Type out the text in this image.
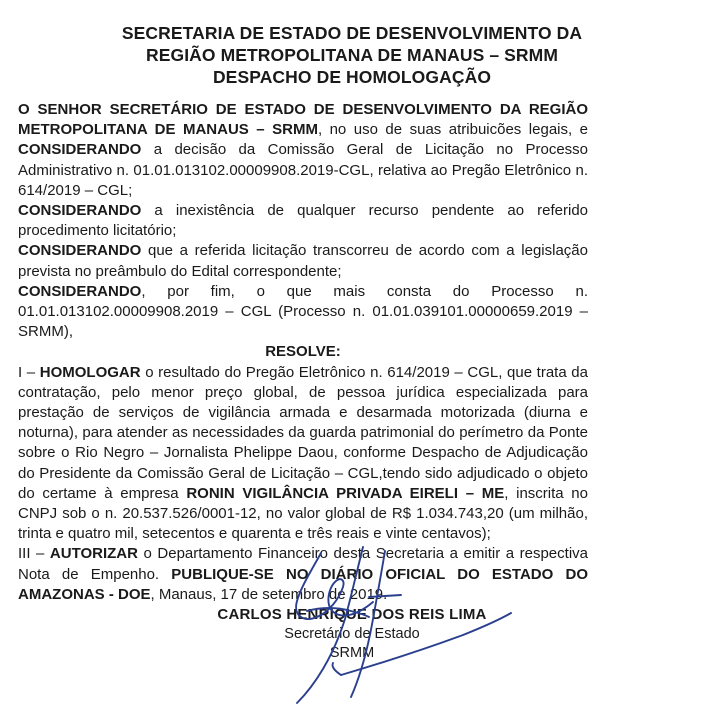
SECRETARIA DE ESTADO DE DESENVOLVIMENTO DA
REGIÃO METROPOLITANA DE MANAUS – SRMM
DESPACHO DE HOMOLOGAÇÃO

O SENHOR SECRETÁRIO DE ESTADO DE DESENVOLVIMENTO DA REGIÃO METROPOLITANA DE MANAUS – SRMM, no uso de suas atribuicões legais, e CONSIDERANDO a decisão da Comissão Geral de Licitação no Processo Administrativo n. 01.01.013102.00009908.2019-CGL, relativa ao Pregão Eletrônico n. 614/2019 – CGL;

CONSIDERANDO a inexistência de qualquer recurso pendente ao referido procedimento licitatório;

CONSIDERANDO que a referida licitação transcorreu de acordo com a legislação prevista no preâmbulo do Edital correspondente;

CONSIDERANDO, por fim, o que mais consta do Processo n. 01.01.013102.00009908.2019 – CGL (Processo n. 01.01.039101.00000659.2019 – SRMM),

RESOLVE:

I – HOMOLOGAR o resultado do Pregão Eletrônico n. 614/2019 – CGL, que trata da contratação, pelo menor preço global, de pessoa jurídica especializada para prestação de serviços de vigilância armada e desarmada motorizada (diurna e noturna), para atender as necessidades da guarda patrimonial do perímetro da Ponte sobre o Rio Negro – Jornalista Phelippe Daou, conforme Despacho de Adjudicação do Presidente da Comissão Geral de Licitação – CGL,tendo sido adjudicado o objeto do certame à empresa RONIN VIGILÂNCIA PRIVADA EIRELI – ME, inscrita no CNPJ sob o n. 20.537.526/0001-12, no valor global de R$ 1.034.743,20 (um milhão, trinta e quatro mil, setecentos e quarenta e três reais e vinte centavos);

III – AUTORIZAR o Departamento Financeiro desta Secretaria a emitir a respectiva Nota de Empenho. PUBLIQUE-SE NO DIÁRIO OFICIAL DO ESTADO DO AMAZONAS - DOE, Manaus, 17 de setembro de 2019.

CARLOS HENRIQUE DOS REIS LIMA
Secretário de Estado
SRMM
